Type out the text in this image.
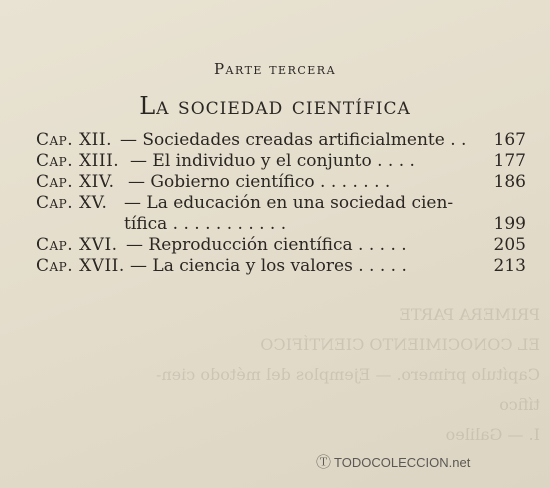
PRIMERA PARTE
EL CONOCIMIENTO CIENTÍFICO
Capítulo primero. — Ejemplos del método cien-
tífico
I. — Galileo
Parte tercera
La sociedad científica
Cap. XII. — Sociedades creadas artificialmente . . 167
Cap. XIII. — El individuo y el conjunto . . . .	177
Cap. XIV. — Gobierno científico . . . . . . .	186
Cap. XV. — La educación en una sociedad cien-
tífica . . . . . . . . . . .	199
Cap. XVI. — Reproducción científica . . . . .	205
Cap. XVII. — La ciencia y los valores . . . . .	213
Ⓣ TODOCOLECCION.net
